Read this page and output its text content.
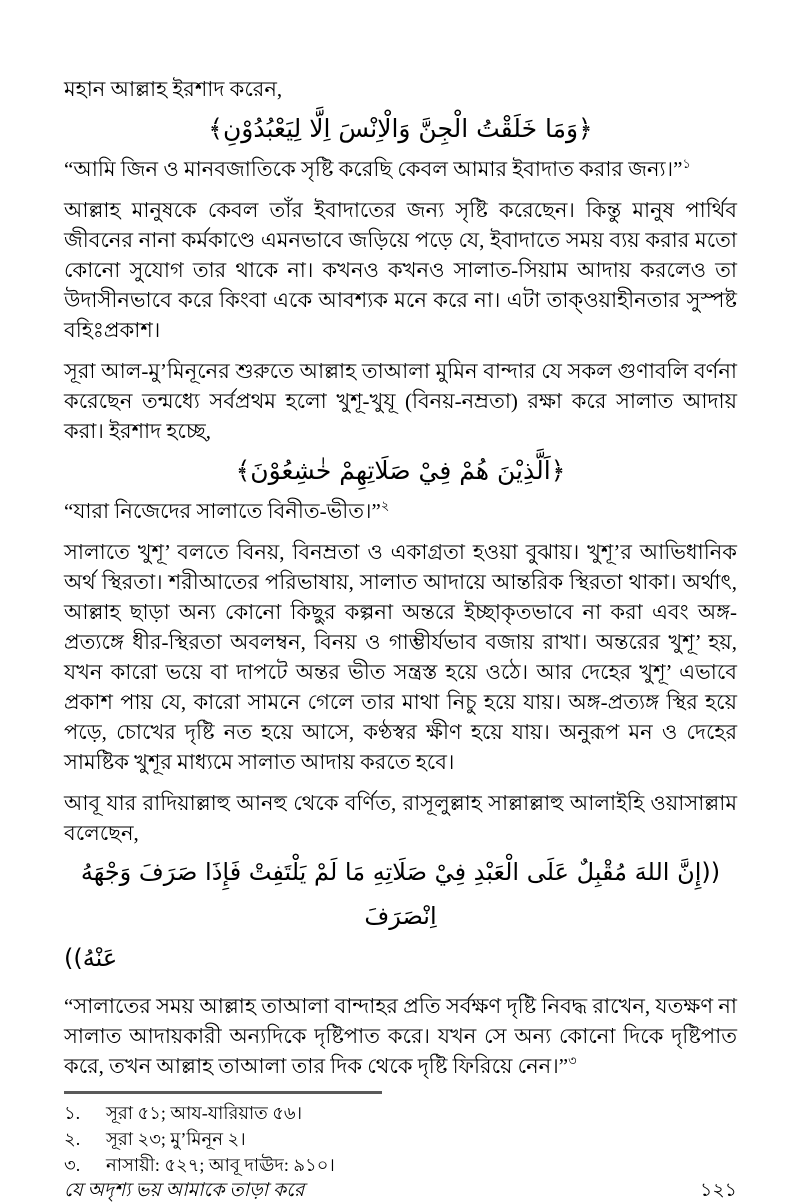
মহান আল্লাহ ইরশাদ করেন,

﴿وَمَا خَلَقْتُ الْجِنَّ وَالْاِنْسَ اِلَّا لِيَعْبُدُوْنِ﴾

“আমি জিন ও মানবজাতিকে সৃষ্টি করেছি কেবল আমার ইবাদাত করার জন্য।”$^১$

আল্লাহ মানুষকে কেবল তাঁর ইবাদাতের জন্য সৃষ্টি করেছেন। কিন্তু মানুষ পার্থিব জীবনের নানা কর্মকাণ্ডে এমনভাবে জড়িয়ে পড়ে যে, ইবাদাতে সময় ব্যয় করার মতো কোনো সুযোগ তার থাকে না। কখনও কখনও সালাত-সিয়াম আদায় করলেও তা উদাসীনভাবে করে কিংবা একে আবশ্যক মনে করে না। এটা তাক্‌ওয়াহীনতার সুস্পষ্ট বহিঃপ্রকাশ।

সূরা আল-মু’মিনূনের শুরুতে আল্লাহ তাআলা মুমিন বান্দার যে সকল গুণাবলি বর্ণনা করেছেন তন্মধ্যে সর্বপ্রথম হলো খুশূ-খুযূ (বিনয়-নম্রতা) রক্ষা করে সালাত আদায় করা। ইরশাদ হচ্ছে,

﴿اَلَّذِيْنَ هُمْ فِيْ صَلَاتِهِمْ خٰشِعُوْنَ﴾

“যারা নিজেদের সালাতে বিনীত-ভীত।”$^২$

সালাতে খুশূ’ বলতে বিনয়, বিনম্রতা ও একাগ্রতা হওয়া বুঝায়। খুশূ’র আভিধানিক অর্থ স্থিরতা। শরীআতের পরিভাষায়, সালাত আদায়ে আন্তরিক স্থিরতা থাকা। অর্থাৎ, আল্লাহ ছাড়া অন্য কোনো কিছুর কল্পনা অন্তরে ইচ্ছাকৃতভাবে না করা এবং অঙ্গ-প্রত্যঙ্গে ধীর-স্থিরতা অবলম্বন, বিনয় ও গাম্ভীর্যভাব বজায় রাখা। অন্তরের খুশূ’ হয়, যখন কারো ভয়ে বা দাপটে অন্তর ভীত সন্ত্রস্ত হয়ে ওঠে। আর দেহের খুশূ’ এভাবে প্রকাশ পায় যে, কারো সামনে গেলে তার মাথা নিচু হয়ে যায়। অঙ্গ-প্রত্যঙ্গ স্থির হয়ে পড়ে, চোখের দৃষ্টি নত হয়ে আসে, কণ্ঠস্বর ক্ষীণ হয়ে যায়। অনুরূপ মন ও দেহের সামষ্টিক খুশূর মাধ্যমে সালাত আদায় করতে হবে।

আবূ যার রাদিয়াল্লাহু আনহু থেকে বর্ণিত, রাসূলুল্লাহ সাল্লাল্লাহু আলাইহি ওয়াসাল্লাম বলেছেন,

((إِنَّ اللهَ مُقْبِلٌ عَلَى الْعَبْدِ فِيْ صَلَاتِهِ مَا لَمْ يَلْتَفِتْ فَإِذَا صَرَفَ وَجْهَهُ اِنْصَرَفَ

عَنْهُ))

“সালাতের সময় আল্লাহ তাআলা বান্দাহর প্রতি সর্বক্ষণ দৃষ্টি নিবদ্ধ রাখেন, যতক্ষণ না সালাত আদায়কারী অন্যদিকে দৃষ্টিপাত করে। যখন সে অন্য কোনো দিকে দৃষ্টিপাত করে, তখন আল্লাহ তাআলা তার দিক থেকে দৃষ্টি ফিরিয়ে নেন।”$^৩$

১.	সূরা ৫১; আয-যারিয়াত ৫৬।
২.	সূরা ২৩; মু’মিনূন ২।
৩.	নাসায়ী: ৫২৭; আবূ দাঊদ: ৯১০।
যে অদৃশ্য ভয় আমাকে তাড়া করে	১২১
